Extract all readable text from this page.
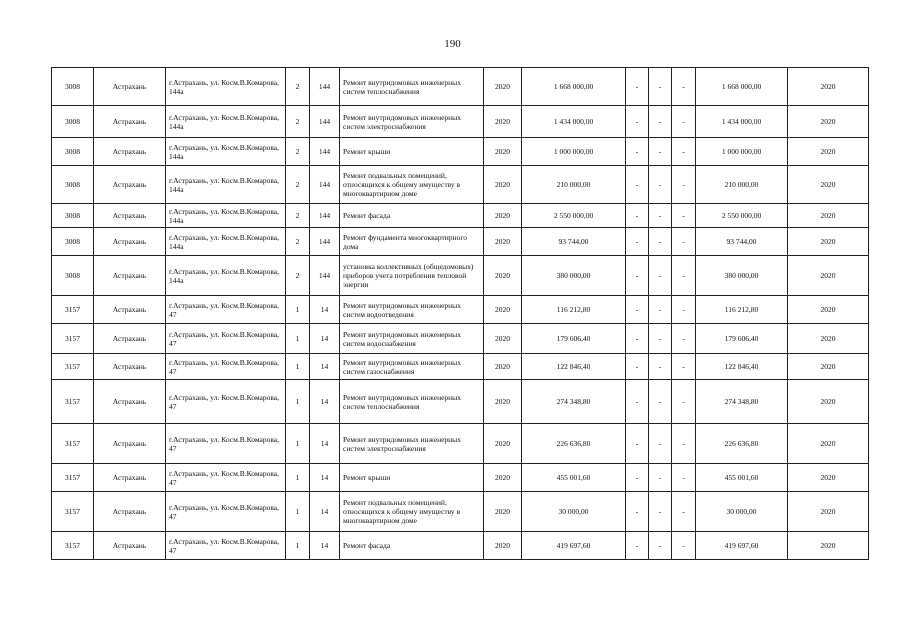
190
3008	Астрахань	г.Астрахань, ул. Косм.В.Комарова, 144а	2	144	Ремонт внутридомовых инженерных систем теплоснабжения	2020	1 668 000,00	-	-	-	1 668 000,00	2020
3008	Астрахань	г.Астрахань, ул. Косм.В.Комарова, 144а	2	144	Ремонт внутридомовых инженерных систем электроснабжения	2020	1 434 000,00	-	-	-	1 434 000,00	2020
3008	Астрахань	г.Астрахань, ул. Косм.В.Комарова, 144а	2	144	Ремонт крыши	2020	1 000 000,00	-	-	-	1 000 000,00	2020
3008	Астрахань	г.Астрахань, ул. Косм.В.Комарова, 144а	2	144	Ремонт подвальных помещений, относящихся к общему имуществу в многоквартирном доме	2020	210 000,00	-	-	-	210 000,00	2020
3008	Астрахань	г.Астрахань, ул. Косм.В.Комарова, 144а	2	144	Ремонт фасада	2020	2 550 000,00	-	-	-	2 550 000,00	2020
3008	Астрахань	г.Астрахань, ул. Косм.В.Комарова, 144а	2	144	Ремонт фундамента многоквартирного дома	2020	93 744,00	-	-	-	93 744,00	2020
3008	Астрахань	г.Астрахань, ул. Косм.В.Комарова, 144а	2	144	установка коллективных (общедомовых) приборов учета потребления тепловой энергии	2020	380 000,00	-	-	-	380 000,00	2020
3157	Астрахань	г.Астрахань, ул. Косм.В.Комарова, 47	1	14	Ремонт внутридомовых инженерных систем водоотведения	2020	116 212,80	-	-	-	116 212,80	2020
3157	Астрахань	г.Астрахань, ул. Косм.В.Комарова, 47	1	14	Ремонт внутридомовых инженерных систем водоснабжения	2020	179 606,40	-	-	-	179 606,40	2020
3157	Астрахань	г.Астрахань, ул. Косм.В.Комарова, 47	1	14	Ремонт внутридомовых инженерных систем газоснабжения	2020	122 846,40	-	-	-	122 846,40	2020
3157	Астрахань	г.Астрахань, ул. Косм.В.Комарова, 47	1	14	Ремонт внутридомовых инженерных систем теплоснабжения	2020	274 348,80	-	-	-	274 348,80	2020
3157	Астрахань	г.Астрахань, ул. Косм.В.Комарова, 47	1	14	Ремонт внутридомовых инженерных систем электроснабжения	2020	226 636,80	-	-	-	226 636,80	2020
3157	Астрахань	г.Астрахань, ул. Косм.В.Комарова, 47	1	14	Ремонт крыши	2020	455 001,60	-	-	-	455 001,60	2020
3157	Астрахань	г.Астрахань, ул. Косм.В.Комарова, 47	1	14	Ремонт подвальных помещений, относящихся к общему имуществу в многоквартирном доме	2020	30 000,00	-	-	-	30 000,00	2020
3157	Астрахань	г.Астрахань, ул. Косм.В.Комарова, 47	1	14	Ремонт фасада	2020	419 697,60	-	-	-	419 697,60	2020
